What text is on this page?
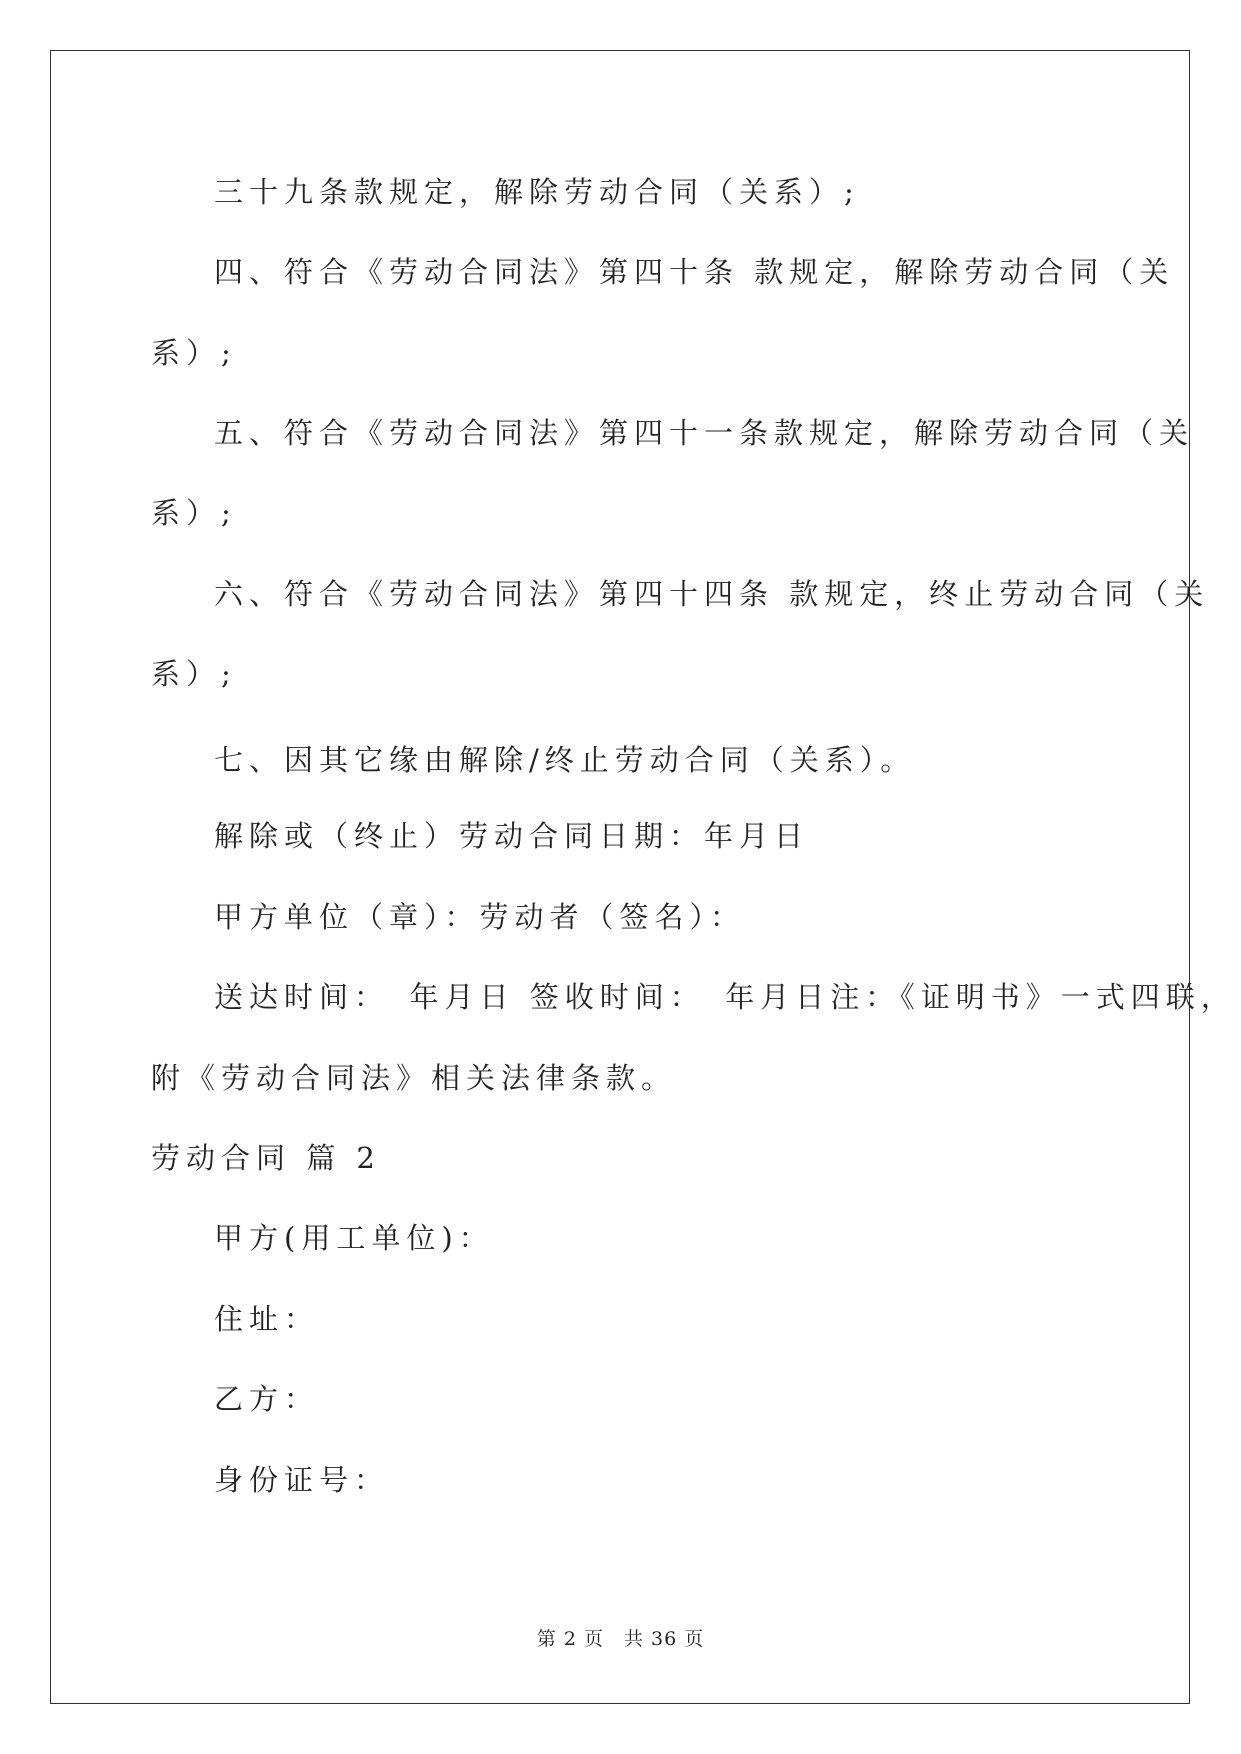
三十九条款规定，解除劳动合同（关系）;
四、符合《劳动合同法》第四十条 款规定，解除劳动合同（关
系）;
五、符合《劳动合同法》第四十一条款规定，解除劳动合同（关
系）;
六、符合《劳动合同法》第四十四条 款规定，终止劳动合同（关
系）;
七、因其它缘由解除/终止劳动合同（关系）。
解除或（终止）劳动合同日期：年月日
甲方单位（章）：劳动者（签名）：
送达时间：　年月日 签收时间：　年月日注：《证明书》一式四联，
附《劳动合同法》相关法律条款。
劳动合同 篇 2
甲方(用工单位)：
住址：
乙方：
身份证号：
第 2 页　共 36 页
